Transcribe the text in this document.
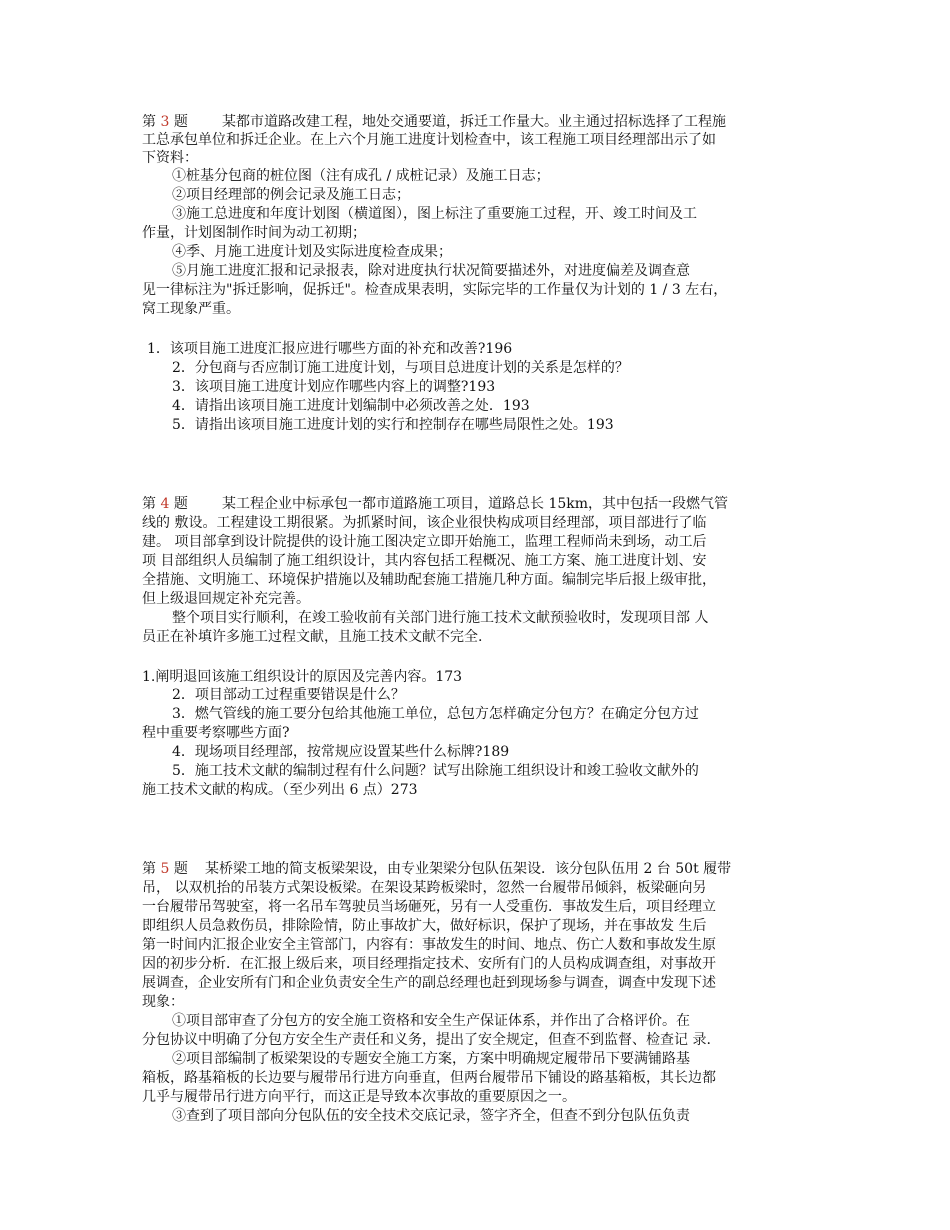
第 3 题 某都市道路改建工程，地处交通要道，拆迁工作量大。业主通过招标选择了工程施
工总承包单位和拆迁企业。在上六个月施工进度计划检查中，该工程施工项目经理部出示了如
下资料：
①桩基分包商的桩位图（注有成孔 / 成桩记录）及施工日志；
②项目经理部的例会记录及施工日志；
③施工总进度和年度计划图（横道图），图上标注了重要施工过程，开、竣工时间及工
作量，计划图制作时间为动工初期；
④季、月施工进度计划及实际进度检查成果；
⑤月施工进度汇报和记录报表，除对进度执行状况简要描述外，对进度偏差及调查意
见一律标注为"拆迁影响，促拆迁"。检查成果表明，实际完毕的工作量仅为计划的 1 / 3 左右，
窝工现象严重。
1．该项目施工进度汇报应进行哪些方面的补充和改善?196
2．分包商与否应制订施工进度计划，与项目总进度计划的关系是怎样的？
3．该项目施工进度计划应作哪些内容上的调整?193
4．请指出该项目施工进度计划编制中必须改善之处．193
5．请指出该项目施工进度计划的实行和控制存在哪些局限性之处。193
第 4 题 某工程企业中标承包一都市道路施工项目，道路总长 15km，其中包括一段燃气管
线的 敷设。工程建设工期很紧。为抓紧时间，该企业很快构成项目经理部，项目部进行了临
建。 项目部拿到设计院提供的设计施工图决定立即开始施工，监理工程师尚未到场，动工后
项 目部组织人员编制了施工组织设计，其内容包括工程概况、施工方案、施工进度计划、安
全措施、文明施工、环境保护措施以及辅助配套施工措施几种方面。编制完毕后报上级审批，
但上级退回规定补充完善。
整个项目实行顺利，在竣工验收前有关部门进行施工技术文献预验收时，发现项目部 人
员正在补填许多施工过程文献，且施工技术文献不完全.
1.阐明退回该施工组织设计的原因及完善内容。173
2．项目部动工过程重要错误是什么？
3．燃气管线的施工要分包给其他施工单位，总包方怎样确定分包方？在确定分包方过
程中重要考察哪些方面?
4．现场项目经理部，按常规应设置某些什么标牌?189
5．施工技术文献的编制过程有什么问题？试写出除施工组织设计和竣工验收文献外的
施工技术文献的构成。（至少列出 6 点）273
第 5 题 某桥梁工地的简支板梁架设，由专业架梁分包队伍架设．该分包队伍用 2 台 50t 履带
吊， 以双机抬的吊装方式架设板梁。在架设某跨板梁时，忽然一台履带吊倾斜，板梁砸向另
一台履带吊驾驶室，将一名吊车驾驶员当场砸死，另有一人受重伤．事故发生后，项目经理立
即组织人员急救伤员，排除险情，防止事故扩大，做好标识，保护了现场，并在事故发 生后
第一时间内汇报企业安全主管部门，内容有：事故发生的时间、地点、伤亡人数和事故发生原
因的初步分析．在汇报上级后来，项目经理指定技术、安所有门的人员构成调查组，对事故开
展调查，企业安所有门和企业负责安全生产的副总经理也赶到现场参与调查，调查中发现下述
现象：
①项目部审查了分包方的安全施工资格和安全生产保证体系，并作出了合格评价。在
分包协议中明确了分包方安全生产责任和义务，提出了安全规定，但查不到监督、检查记 录.
②项目部编制了板梁架设的专题安全施工方案，方案中明确规定履带吊下要满铺路基
箱板，路基箱板的长边要与履带吊行进方向垂直，但两台履带吊下铺设的路基箱板，其长边都
几乎与履带吊行进方向平行，而这正是导致本次事故的重要原因之一。
③查到了项目部向分包队伍的安全技术交底记录，签字齐全，但查不到分包队伍负责
